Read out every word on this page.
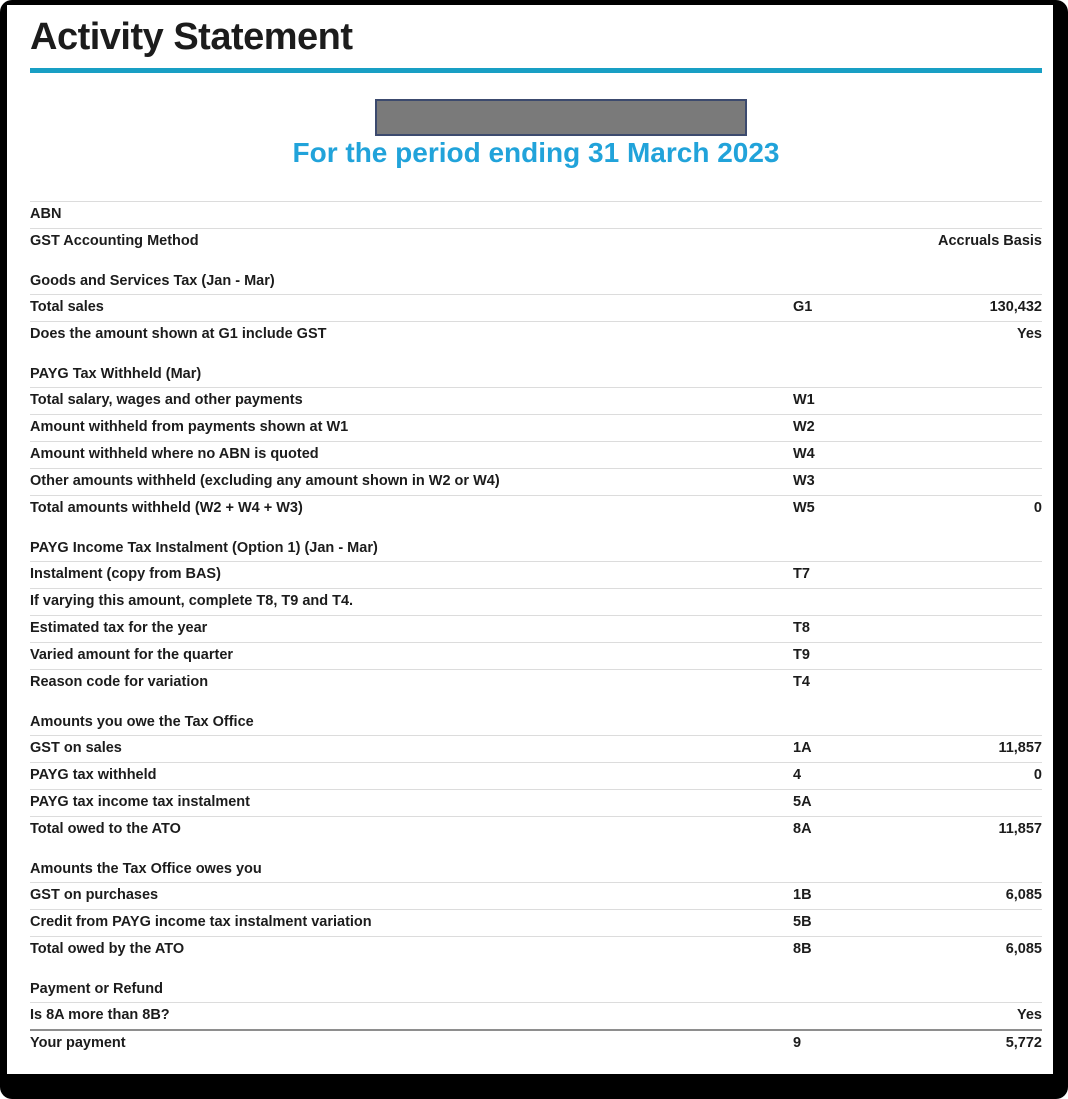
Activity Statement
For the period ending 31 March 2023
ABN
GST Accounting Method	Accruals Basis
Goods and Services Tax (Jan - Mar)
Total sales	G1	130,432
Does the amount shown at G1 include GST	Yes
PAYG Tax Withheld (Mar)
Total salary, wages and other payments	W1
Amount withheld from payments shown at W1	W2
Amount withheld where no ABN is quoted	W4
Other amounts withheld (excluding any amount shown in W2 or W4)	W3
Total amounts withheld (W2 + W4 + W3)	W5	0
PAYG Income Tax Instalment (Option 1) (Jan - Mar)
Instalment (copy from BAS)	T7
If varying this amount, complete T8, T9 and T4.
Estimated tax for the year	T8
Varied amount for the quarter	T9
Reason code for variation	T4
Amounts you owe the Tax Office
GST on sales	1A	11,857
PAYG tax withheld	4	0
PAYG tax income tax instalment	5A
Total owed to the ATO	8A	11,857
Amounts the Tax Office owes you
GST on purchases	1B	6,085
Credit from PAYG income tax instalment variation	5B
Total owed by the ATO	8B	6,085
Payment or Refund
Is 8A more than 8B?	Yes
Your payment	9	5,772
